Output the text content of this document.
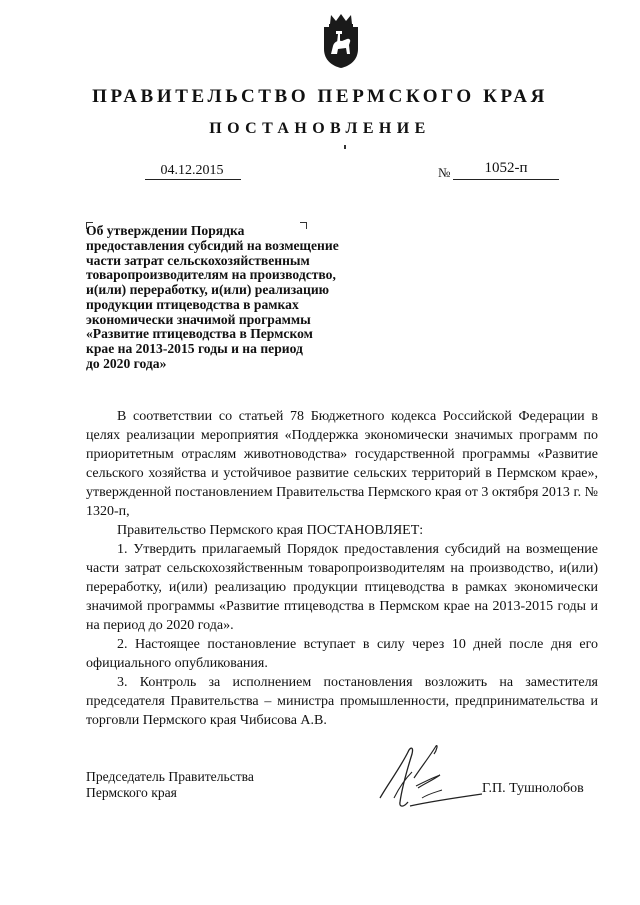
ПРАВИТЕЛЬСТВО ПЕРМСКОГО КРАЯ
ПОСТАНОВЛЕНИЕ
04.12.2015	№	1052-п
Об утверждении Порядка
предоставления субсидий на возмещение
части затрат сельскохозяйственным
товаропроизводителям на производство,
и(или) переработку, и(или) реализацию
продукции птицеводства в рамках
экономически значимой программы
«Развитие птицеводства в Пермском
крае на 2013-2015 годы и на период
до 2020 года»

В соответствии со статьей 78 Бюджетного кодекса Российской Федерации в целях реализации мероприятия «Поддержка экономически значимых программ по приоритетным отраслям животноводства» государственной программы «Развитие сельского хозяйства и устойчивое развитие сельских территорий в Пермском крае», утвержденной постановлением Правительства Пермского края от 3 октября 2013 г. № 1320-п,

Правительство Пермского края ПОСТАНОВЛЯЕТ:

1. Утвердить прилагаемый Порядок предоставления субсидий на возмещение части затрат сельскохозяйственным товаропроизводителям на производство, и(или) переработку, и(или) реализацию продукции птицеводства в рамках экономически значимой программы «Развитие птицеводства в Пермском крае на 2013-2015 годы и на период до 2020 года».

2. Настоящее постановление вступает в силу через 10 дней после дня его официального опубликования.

3. Контроль за исполнением постановления возложить на заместителя председателя Правительства – министра промышленности, предпринимательства и торговли Пермского края Чибисова А.В.

Председатель Правительства
Пермского края	Г.П. Тушнолобов
